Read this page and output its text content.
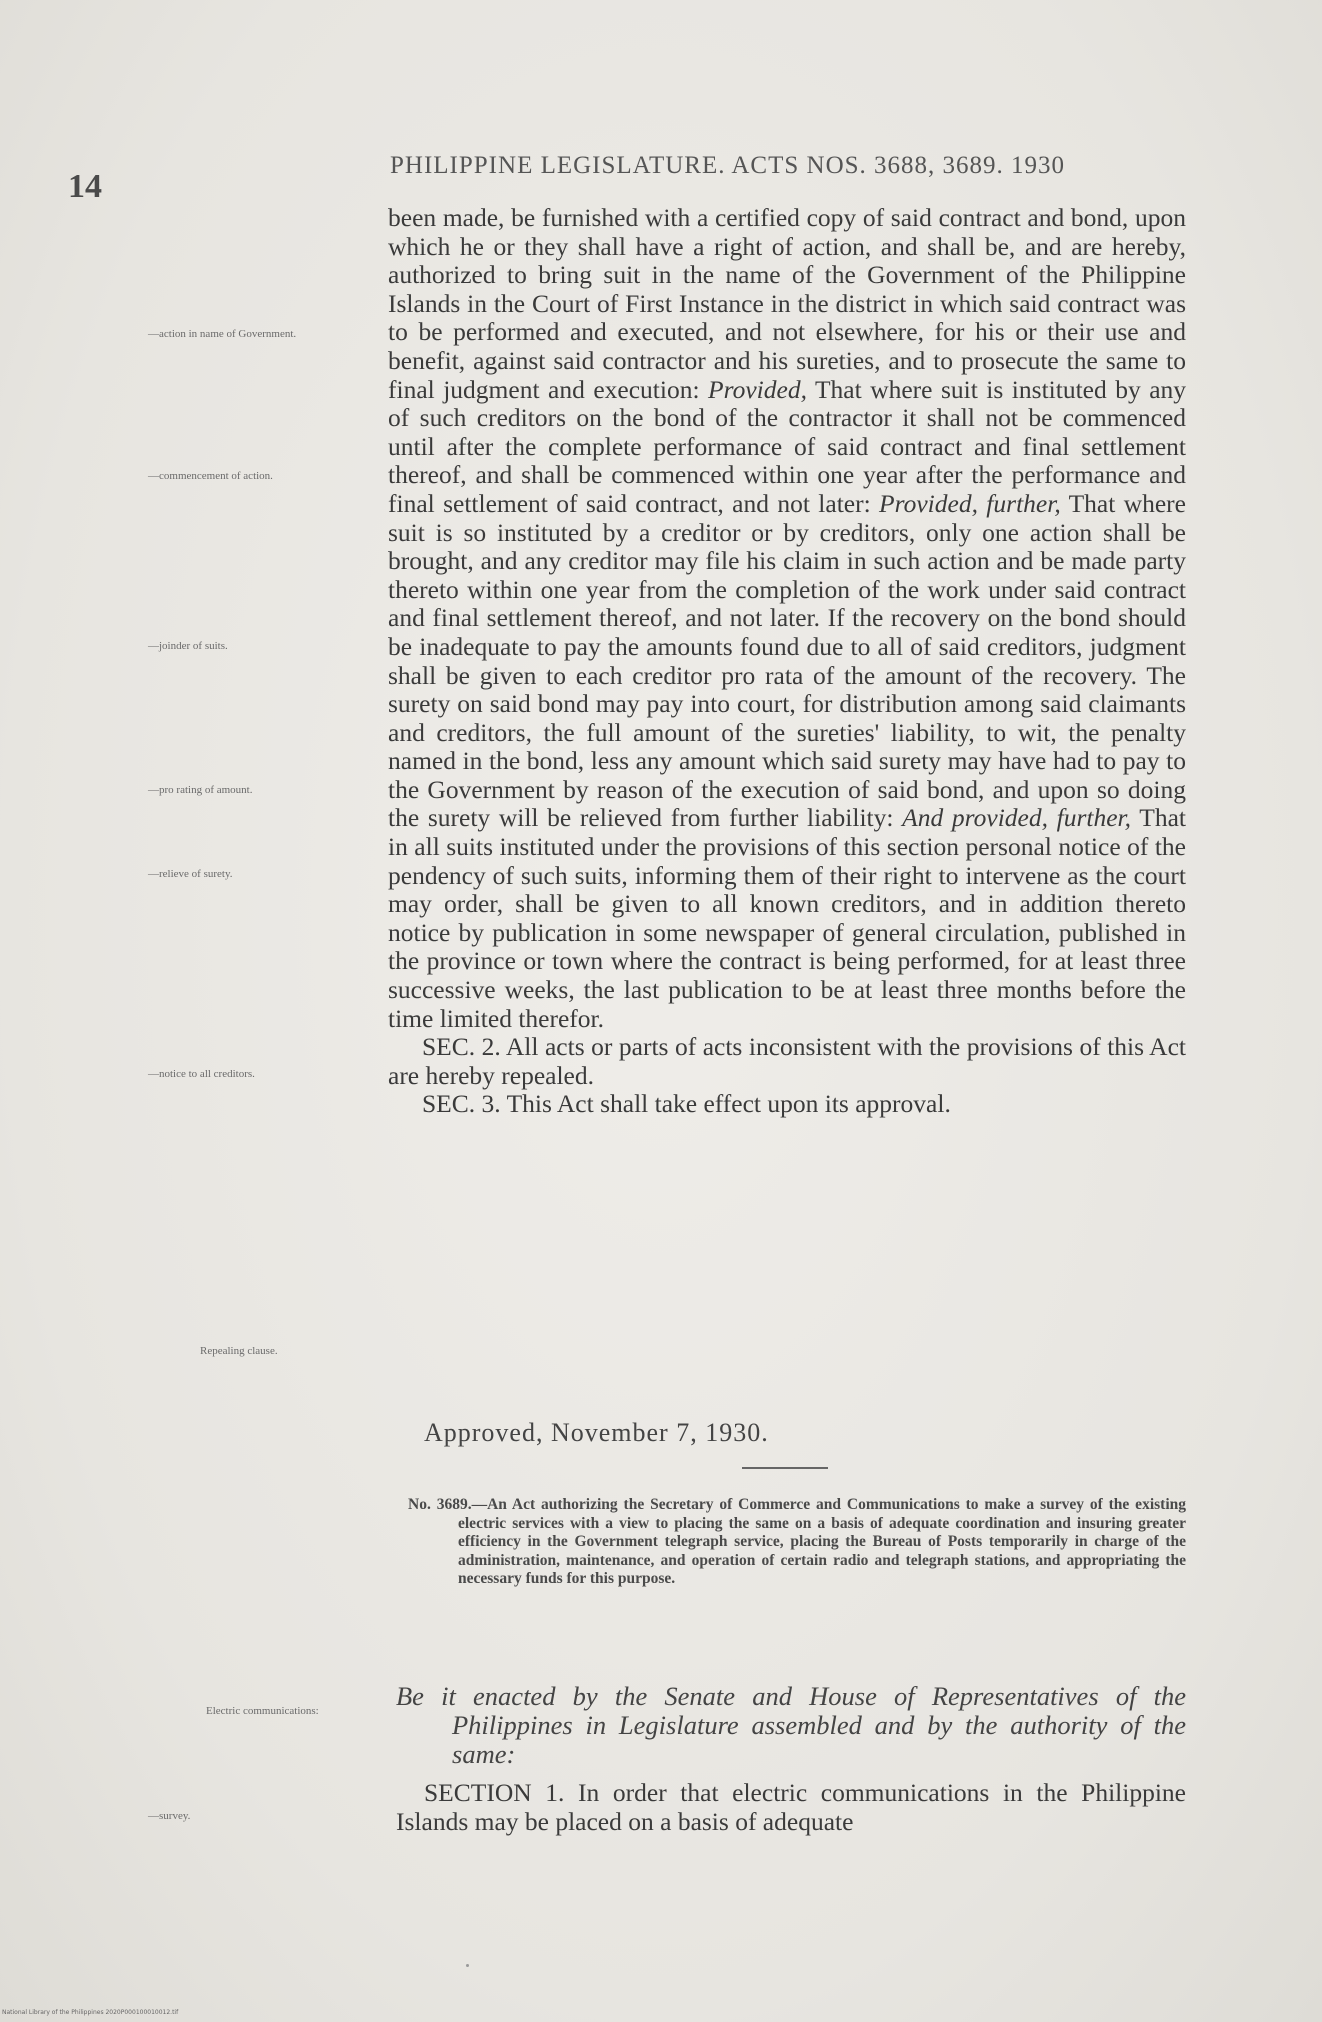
14
PHILIPPINE LEGISLATURE. ACTS NOS. 3688, 3689. 1930
—action in name of Government.
—commencement of action.
—joinder of suits.
—pro rating of amount.
—relieve of surety.
—notice to all creditors.
Repealing clause.
Electric communications:
—survey.

been made, be furnished with a certified copy of said contract and bond, upon which he or they shall have a right of action, and shall be, and are hereby, authorized to bring suit in the name of the Government of the Philippine Islands in the Court of First Instance in the district in which said contract was to be performed and executed, and not elsewhere, for his or their use and benefit, against said contractor and his sureties, and to prosecute the same to final judgment and execution: Provided, That where suit is instituted by any of such creditors on the bond of the contractor it shall not be commenced until after the complete performance of said contract and final settlement thereof, and shall be commenced within one year after the performance and final settlement of said contract, and not later: Provided, further, That where suit is so instituted by a creditor or by creditors, only one action shall be brought, and any creditor may file his claim in such action and be made party thereto within one year from the completion of the work under said contract and final settlement thereof, and not later. If the recovery on the bond should be inadequate to pay the amounts found due to all of said creditors, judgment shall be given to each creditor pro rata of the amount of the recovery. The surety on said bond may pay into court, for distribution among said claimants and creditors, the full amount of the sureties' liability, to wit, the penalty named in the bond, less any amount which said surety may have had to pay to the Government by reason of the execution of said bond, and upon so doing the surety will be relieved from further liability: And provided, further, That in all suits instituted under the provisions of this section personal notice of the pendency of such suits, informing them of their right to intervene as the court may order, shall be given to all known creditors, and in addition thereto notice by publication in some newspaper of general circulation, published in the province or town where the contract is being performed, for at least three successive weeks, the last publication to be at least three months before the time limited therefor.

SEC. 2. All acts or parts of acts inconsistent with the provisions of this Act are hereby repealed.

SEC. 3. This Act shall take effect upon its approval.

Approved, November 7, 1930.
No. 3689.—An Act authorizing the Secretary of Commerce and Communications to make a survey of the existing electric services with a view to placing the same on a basis of adequate coordination and insuring greater efficiency in the Government telegraph service, placing the Bureau of Posts temporarily in charge of the administration, maintenance, and operation of certain radio and telegraph stations, and appropriating the necessary funds for this purpose.
Be it enacted by the Senate and House of Representatives of the Philippines in Legislature assembled and by the authority of the same:

SECTION 1. In order that electric communications in the Philippine Islands may be placed on a basis of adequate

National Library of the Philippines 2020P000100010012.tif
